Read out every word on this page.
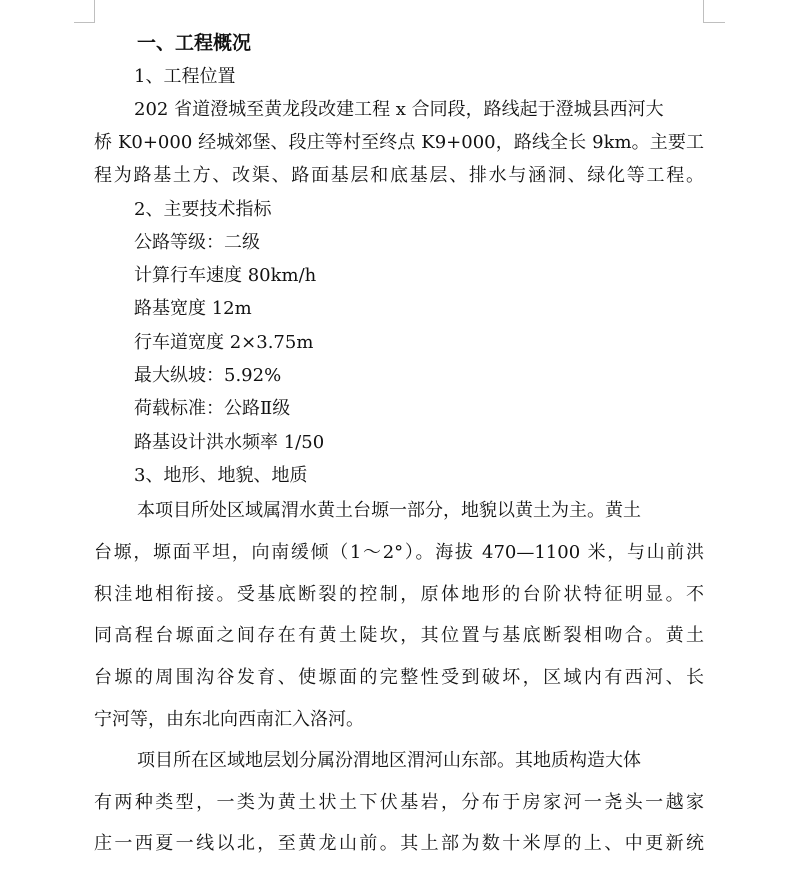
一、工程概况
1、工程位置
202 省道澄城至黄龙段改建工程 x 合同段，路线起于澄城县西河大
桥 K0+000 经城郊堡、段庄等村至终点 K9+000，路线全长 9km。主要工
程为路基土方、改渠、路面基层和底基层、排水与涵洞、绿化等工程。
2、主要技术指标
公路等级：二级
计算行车速度 80km/h
路基宽度 12m
行车道宽度 2×3.75m
最大纵坡：5.92%
荷载标准：公路Ⅱ级
路基设计洪水频率 1/50
3、地形、地貌、地质
本项目所处区域属渭水黄土台塬一部分，地貌以黄土为主。黄土
台塬，塬面平坦，向南缓倾（1～2°）。海拔 470—1100 米，与山前洪
积洼地相衔接。受基底断裂的控制，原体地形的台阶状特征明显。不
同高程台塬面之间存在有黄土陡坎，其位置与基底断裂相吻合。黄土
台塬的周围沟谷发育、使塬面的完整性受到破坏，区域内有西河、长
宁河等，由东北向西南汇入洛河。
项目所在区域地层划分属汾渭地区渭河山东部。其地质构造大体
有两种类型，一类为黄土状土下伏基岩，分布于房家河一尧头一越家
庄一西夏一线以北，至黄龙山前。其上部为数十米厚的上、中更新统
